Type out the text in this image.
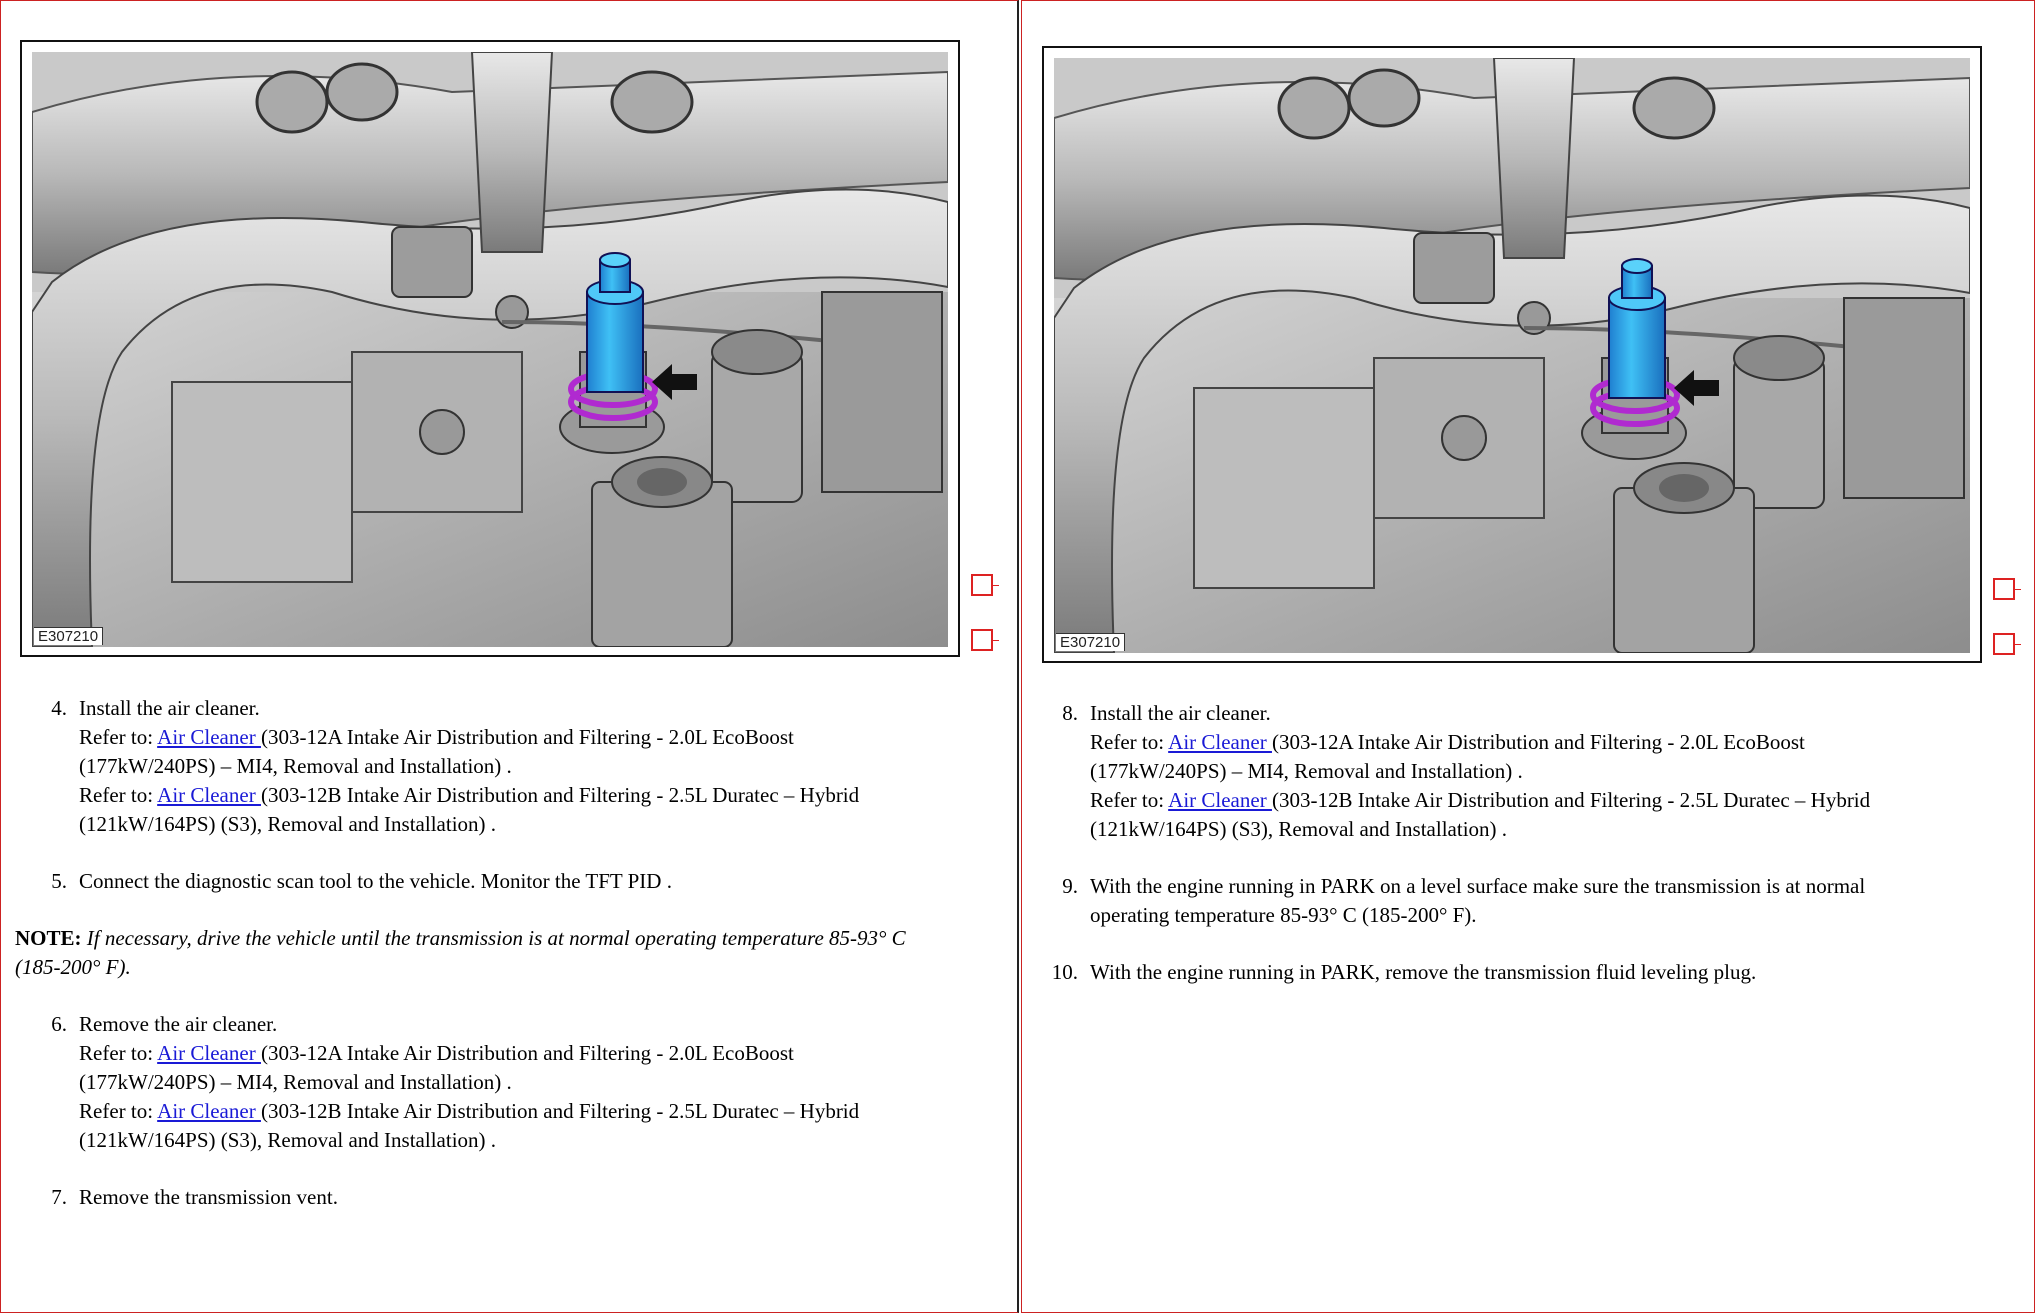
E307210
4. Install the air cleaner.

Refer to: Air Cleaner (303-12A Intake Air Distribution and Filtering - 2.0L EcoBoost

(177kW/240PS) – MI4, Removal and Installation) .

Refer to: Air Cleaner (303-12B Intake Air Distribution and Filtering - 2.5L Duratec – Hybrid

(121kW/164PS) (S3), Removal and Installation) .

5. Connect the diagnostic scan tool to the vehicle. Monitor the TFT PID .

NOTE: If necessary, drive the vehicle until the transmission is at normal operating temperature 85-93° C

(185-200° F).

6. Remove the air cleaner.

Refer to: Air Cleaner (303-12A Intake Air Distribution and Filtering - 2.0L EcoBoost

(177kW/240PS) – MI4, Removal and Installation) .

Refer to: Air Cleaner (303-12B Intake Air Distribution and Filtering - 2.5L Duratec – Hybrid

(121kW/164PS) (S3), Removal and Installation) .

7. Remove the transmission vent.

E307210
8. Install the air cleaner.

Refer to: Air Cleaner (303-12A Intake Air Distribution and Filtering - 2.0L EcoBoost

(177kW/240PS) – MI4, Removal and Installation) .

Refer to: Air Cleaner (303-12B Intake Air Distribution and Filtering - 2.5L Duratec – Hybrid

(121kW/164PS) (S3), Removal and Installation) .

9. With the engine running in PARK on a level surface make sure the transmission is at normal

operating temperature 85-93° C (185-200° F).

10. With the engine running in PARK, remove the transmission fluid leveling plug.
